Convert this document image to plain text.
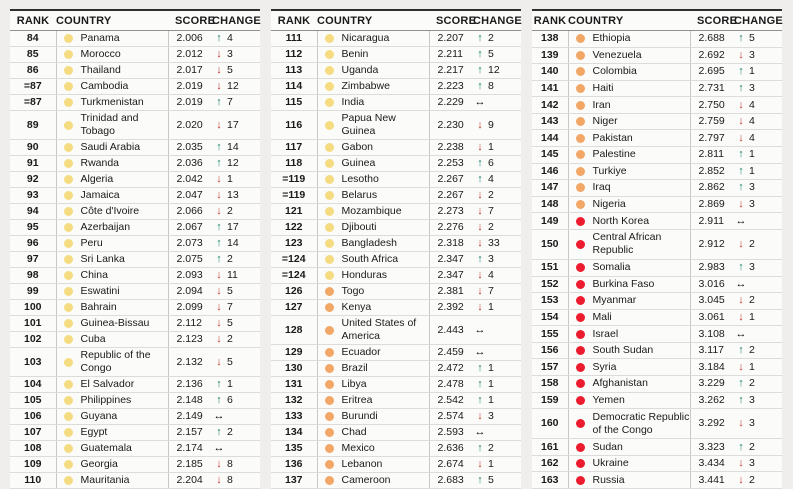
RANK	COUNTRY	SCORE	CHANGE
84	Panama	2.006	↑ 4
85	Morocco	2.012	↓ 3
86	Thailand	2.017	↓ 5
=87	Cambodia	2.019	↓ 12
=87	Turkmenistan	2.019	↑ 7
89	Trinidad and Tobago	2.020	↓ 17
90	Saudi Arabia	2.035	↑ 14
91	Rwanda	2.036	↑ 12
92	Algeria	2.042	↓ 1
93	Jamaica	2.047	↓ 13
94	Côte d'Ivoire	2.066	↓ 2
95	Azerbaijan	2.067	↑ 17
96	Peru	2.073	↑ 14
97	Sri Lanka	2.075	↑ 2
98	China	2.093	↓ 11
99	Eswatini	2.094	↓ 5
100	Bahrain	2.099	↓ 7
101	Guinea-Bissau	2.112	↓ 5
102	Cuba	2.123	↓ 2
103	Republic of the Congo	2.132	↓ 5
104	El Salvador	2.136	↑ 1
105	Philippines	2.148	↑ 6
106	Guyana	2.149	↔
107	Egypt	2.157	↑ 2
108	Guatemala	2.174	↔
109	Georgia	2.185	↓ 8
110	Mauritania	2.204	↓ 8
RANK	COUNTRY	SCORE	CHANGE
111	Nicaragua	2.207	↑ 2
112	Benin	2.211	↑ 5
113	Uganda	2.217	↑ 12
114	Zimbabwe	2.223	↑ 8
115	India	2.229	↔
116	Papua New Guinea	2.230	↓ 9
117	Gabon	2.238	↓ 1
118	Guinea	2.253	↑ 6
=119	Lesotho	2.267	↑ 4
=119	Belarus	2.267	↓ 2
121	Mozambique	2.273	↓ 7
122	Djibouti	2.276	↓ 2
123	Bangladesh	2.318	↓ 33
=124	South Africa	2.347	↑ 3
=124	Honduras	2.347	↓ 4
126	Togo	2.381	↓ 7
127	Kenya	2.392	↓ 1
128	United States of America	2.443	↔
129	Ecuador	2.459	↔
130	Brazil	2.472	↑ 1
131	Libya	2.478	↑ 1
132	Eritrea	2.542	↑ 1
133	Burundi	2.574	↓ 3
134	Chad	2.593	↔
135	Mexico	2.636	↑ 2
136	Lebanon	2.674	↓ 1
137	Cameroon	2.683	↑ 5
RANK	COUNTRY	SCORE	CHANGE
138	Ethiopia	2.688	↑ 5
139	Venezuela	2.692	↓ 3
140	Colombia	2.695	↑ 1
141	Haiti	2.731	↑ 3
142	Iran	2.750	↓ 4
143	Niger	2.759	↓ 4
144	Pakistan	2.797	↓ 4
145	Palestine	2.811	↑ 1
146	Turkiye	2.852	↑ 1
147	Iraq	2.862	↑ 3
148	Nigeria	2.869	↓ 3
149	North Korea	2.911	↔
150	Central African Republic	2.912	↓ 2
151	Somalia	2.983	↑ 3
152	Burkina Faso	3.016	↔
153	Myanmar	3.045	↓ 2
154	Mali	3.061	↓ 1
155	Israel	3.108	↔
156	South Sudan	3.117	↑ 2
157	Syria	3.184	↓ 1
158	Afghanistan	3.229	↑ 2
159	Yemen	3.262	↑ 3
160	Democratic Republic of the Congo	3.292	↓ 3
161	Sudan	3.323	↑ 2
162	Ukraine	3.434	↓ 3
163	Russia	3.441	↓ 2
